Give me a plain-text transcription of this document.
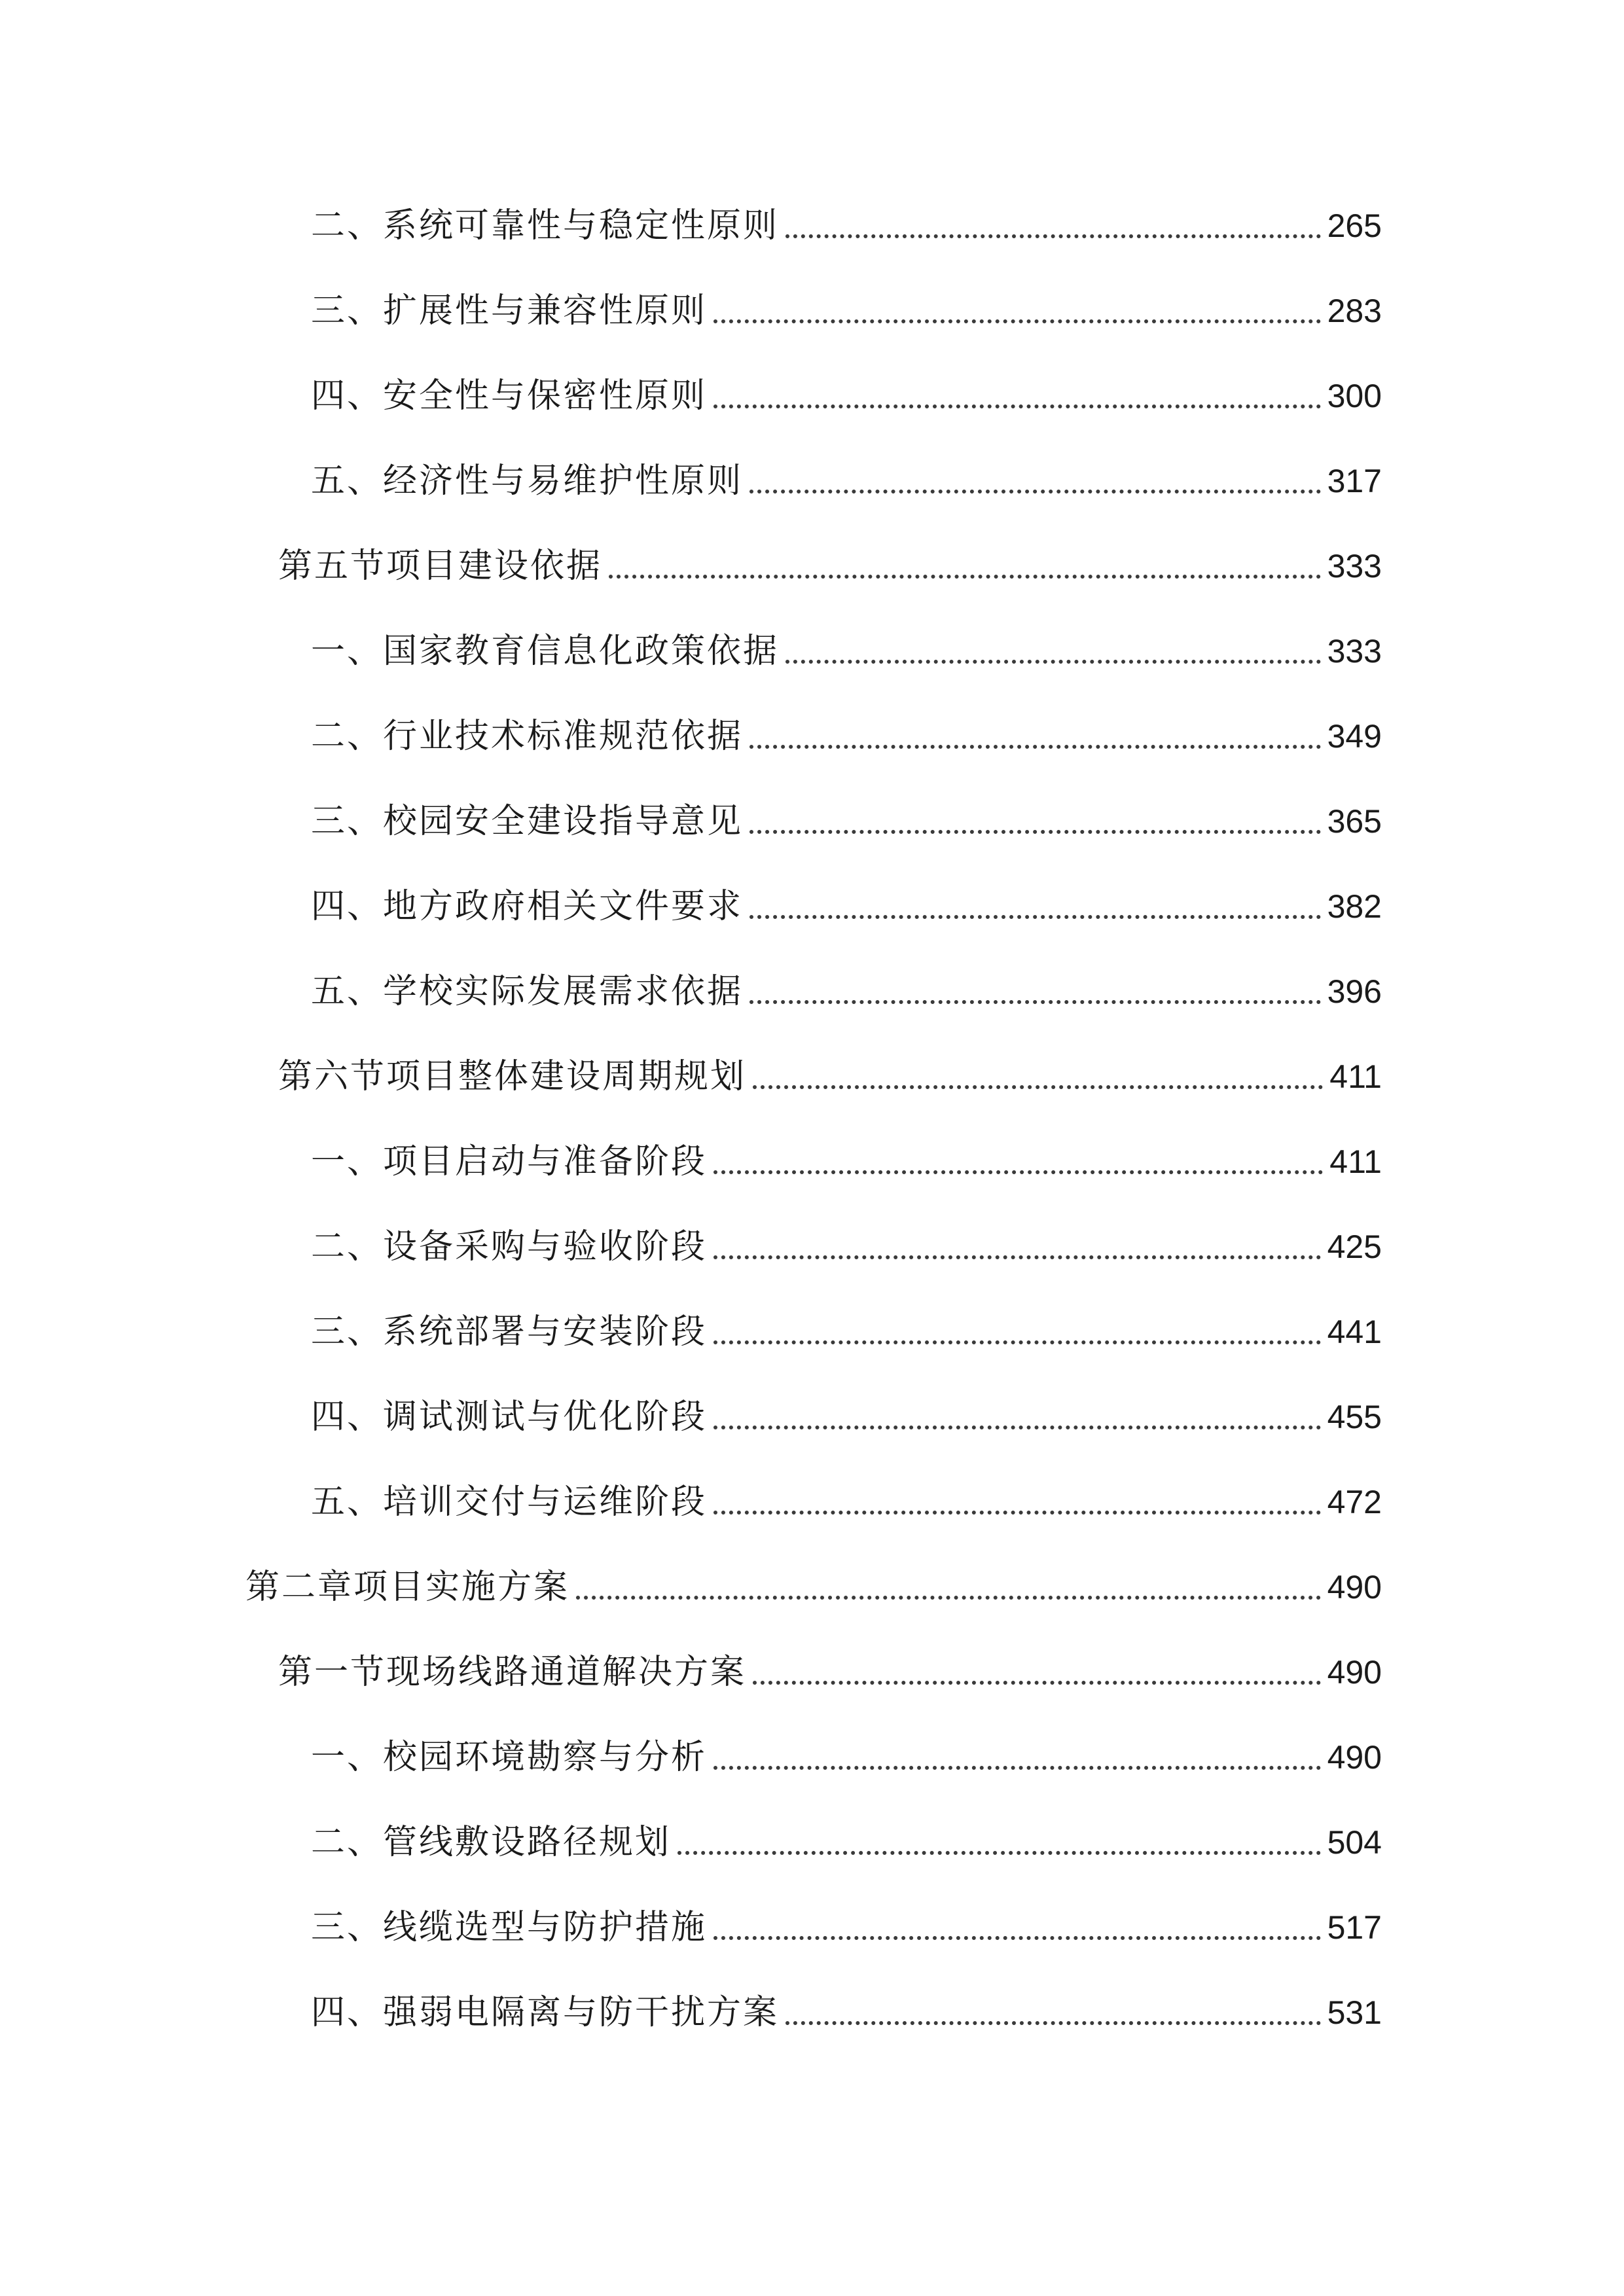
二、系统可靠性与稳定性原则	265
三、扩展性与兼容性原则	283
四、安全性与保密性原则	300
五、经济性与易维护性原则	317
第五节项目建设依据	333
一、国家教育信息化政策依据	333
二、行业技术标准规范依据	349
三、校园安全建设指导意见	365
四、地方政府相关文件要求	382
五、学校实际发展需求依据	396
第六节项目整体建设周期规划	411
一、项目启动与准备阶段	411
二、设备采购与验收阶段	425
三、系统部署与安装阶段	441
四、调试测试与优化阶段	455
五、培训交付与运维阶段	472
第二章项目实施方案	490
第一节现场线路通道解决方案	490
一、校园环境勘察与分析	490
二、管线敷设路径规划	504
三、线缆选型与防护措施	517
四、强弱电隔离与防干扰方案	531
